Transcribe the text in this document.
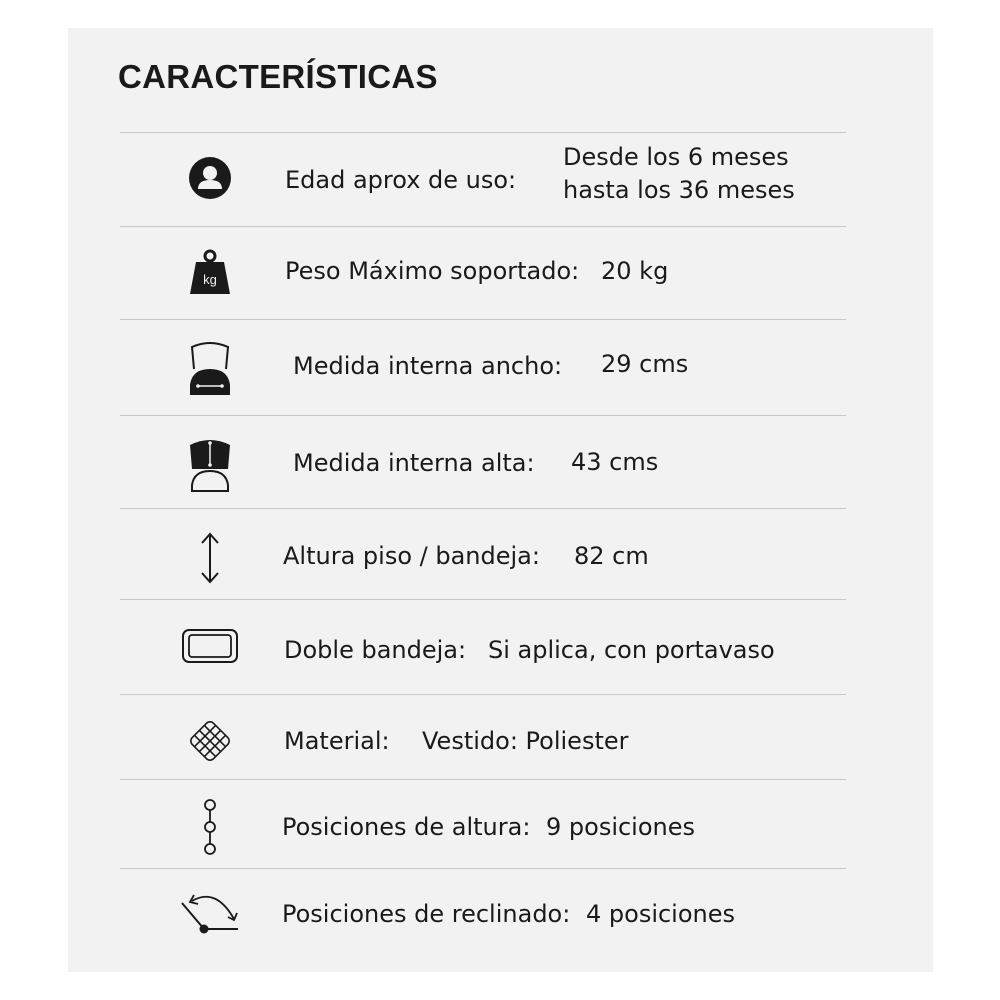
CARACTERÍSTICAS
Edad aprox de uso:
Desde los 6 meses
hasta los 36 meses
kg	Peso Máximo soportado: 20 kg
Medida interna ancho: 29 cms
Medida interna alta: 43 cms
Altura piso / bandeja: 82 cm
Doble bandeja: Si aplica, con portavaso
Material: Vestido: Poliester
Posiciones de altura: 9 posiciones
Posiciones de reclinado: 4 posiciones
